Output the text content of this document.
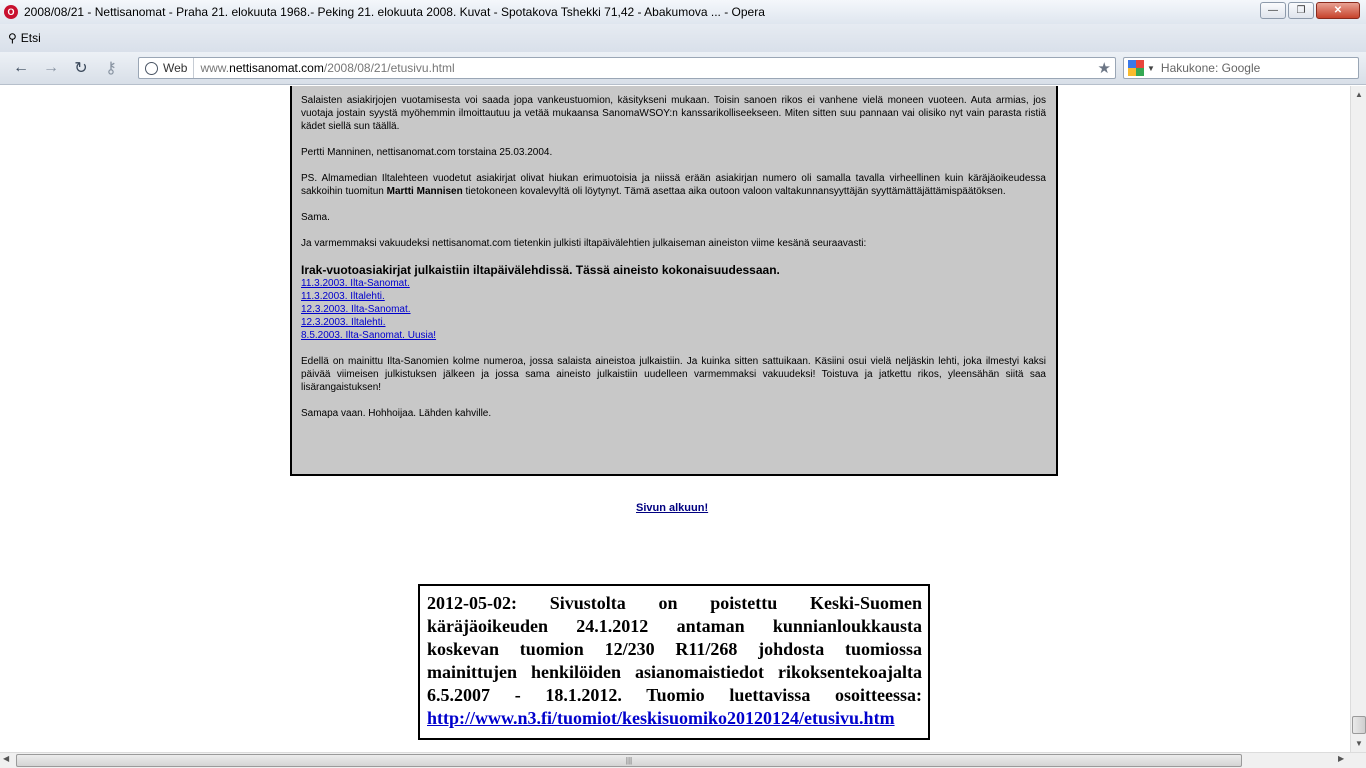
O 2008/08/21 - Nettisanomat - Praha 21. elokuuta 1968.- Peking 21. elokuuta 2008. Kuvat - Spotakova Tshekki 71,42 - Abakumova ... - Opera	—	❐	✕
⚲ Etsi
← → ↻	⚷	Web	www.nettisanomat.com/2008/08/21/etusivu.html	★	▼ Hakukone: Google

Salaisten asiakirjojen vuotamisesta voi saada jopa vankeustuomion, käsitykseni mukaan. Toisin sanoen rikos ei vanhene vielä moneen vuoteen. Auta armias, jos vuotaja jostain syystä myöhemmin ilmoittautuu ja vetää mukaansa SanomaWSOY:n kanssarikolliseekseen. Miten sitten suu pannaan vai olisiko nyt vain parasta ristiä kädet siellä sun täällä.

Pertti Manninen, nettisanomat.com torstaina 25.03.2004.

PS. Almamedian Iltalehteen vuodetut asiakirjat olivat hiukan erimuotoisia ja niissä erään asiakirjan numero oli samalla tavalla virheellinen kuin käräjäoikeudessa sakkoihin tuomitun Martti Mannisen tietokoneen kovalevyltä oli löytynyt. Tämä asettaa aika outoon valoon valtakunnansyyttäjän syyttämättäjättämispäätöksen.

Sama.

Ja varmemmaksi vakuudeksi nettisanomat.com tietenkin julkisti iltapäivälehtien julkaiseman aineiston viime kesänä seuraavasti:

Irak-vuotoasiakirjat julkaistiin iltapäivälehdissä. Tässä aineisto kokonaisuudessaan.
11.3.2003. Ilta-Sanomat.
11.3.2003. Iltalehti.
12.3.2003. Ilta-Sanomat.
12.3.2003. Iltalehti.
8.5.2003. Ilta-Sanomat. Uusia!

Edellä on mainittu Ilta-Sanomien kolme numeroa, jossa salaista aineistoa julkaistiin. Ja kuinka sitten sattuikaan. Käsiini osui vielä neljäskin lehti, joka ilmestyi kaksi päivää viimeisen julkistuksen jälkeen ja jossa sama aineisto julkaistiin uudelleen varmemmaksi vakuudeksi! Toistuva ja jatkettu rikos, yleensähän siitä saa lisärangaistuksen!

Samapa vaan. Hohhoijaa. Lähden kahville.

Sivun alkuun!
2012-05-02: Sivustolta on poistettu Keski-Suomen käräjäoikeuden 24.1.2012 antaman kunnianloukkausta koskevan tuomion 12/230 R11/268 johdosta tuomiossa mainittujen henkilöiden asianomaistiedot rikoksentekoajalta 6.5.2007 - 18.1.2012. Tuomio luettavissa osoitteessa: http://www.n3.fi/tuomiot/keskisuomiko20120124/etusivu.htm
▲
▼
◀	|||	▶
